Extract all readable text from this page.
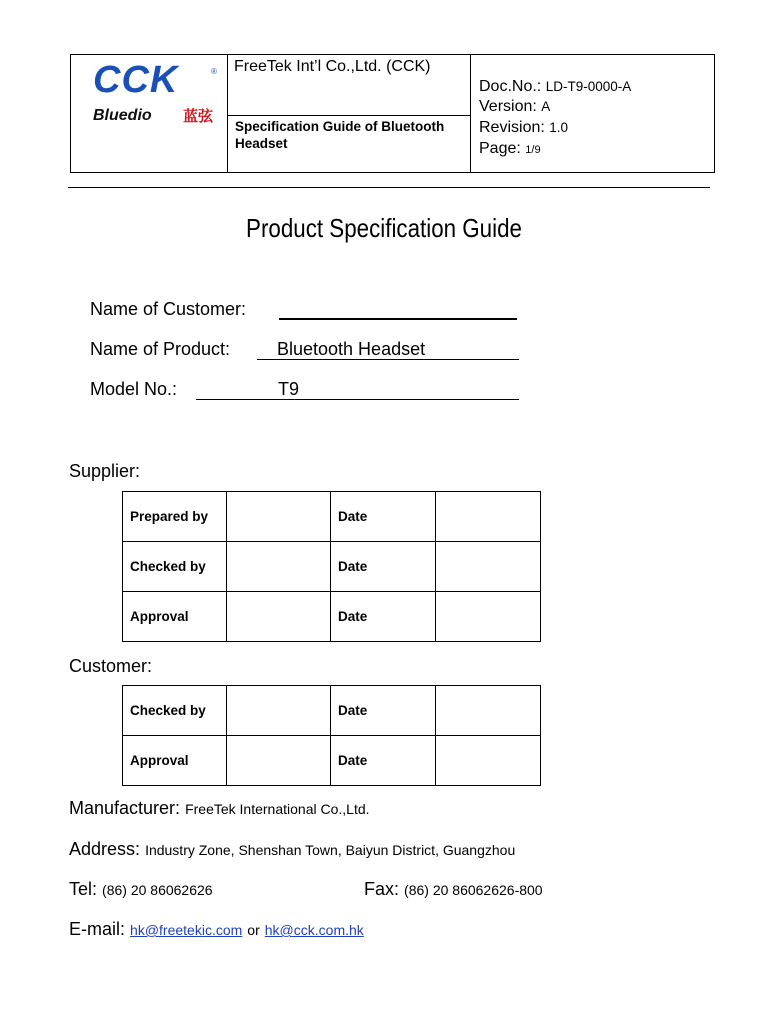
CCK	®
Bluedio 蓝弦
FreeTek Int’l Co.,Ltd. (CCK)
Specification Guide of Bluetooth Headset
Doc.No.: LD-T9-0000-A
Version: A
Revision: 1.0
Page: 1/9
Product Specification Guide
Name of Customer:
Name of Product:	Bluetooth Headset
Model No.:	T9
Supplier:
Prepared by		Date	
Checked by		Date	
Approval		Date	
Customer:
Checked by		Date	
Approval		Date	
Manufacturer: FreeTek International Co.,Ltd.
Address: Industry Zone, Shenshan Town, Baiyun District, Guangzhou
Tel: (86) 20 86062626	Fax: (86) 20 86062626-800
E-mail: hk@freetekic.com or hk@cck.com.hk
